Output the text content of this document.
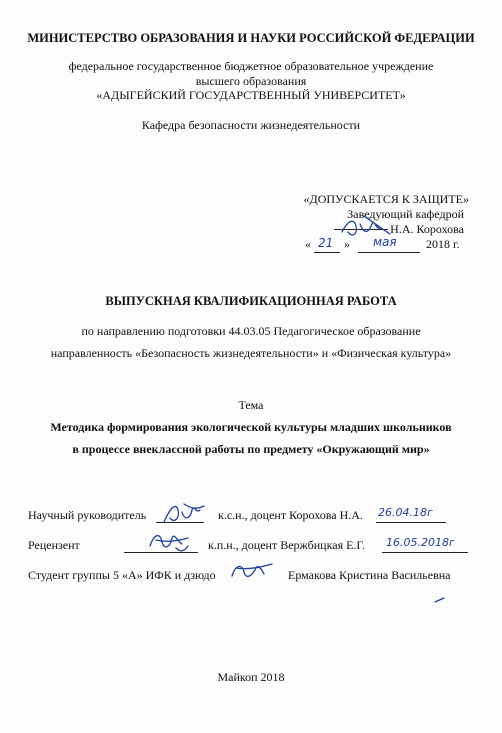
МИНИСТЕРСТВО ОБРАЗОВАНИЯ И НАУКИ РОССИЙСКОЙ ФЕДЕРАЦИИ
федеральное государственное бюджетное образовательное учреждение
высшего образования
«АДЫГЕЙСКИЙ ГОСУДАРСТВЕННЫЙ УНИВЕРСИТЕТ»
Кафедра безопасности жизнедеятельности
«ДОПУСКАЕТСЯ К ЗАЩИТЕ»
Заведующий кафедрой
Н.А. Корохова
« 21 » мая 2018 г.
ВЫПУСКНАЯ КВАЛИФИКАЦИОННАЯ РАБОТА
по направлению подготовки 44.03.05 Педагогическое образование
направленность «Безопасность жизнедеятельности» и «Физическая культура»
Тема
Методика формирования экологической культуры младших школьников
в процессе внеклассной работы по предмету «Окружающий мир»
Научный руководитель	к.с.н., доцент Корохова Н.А. 26.04.18г
Рецензент	к.п.н., доцент Вержбицкая Е.Г. 16.05.2018г
Студент группы 5 «А» ИФК и дзюдо	Ермакова Кристина Васильевна
Майкоп 2018
